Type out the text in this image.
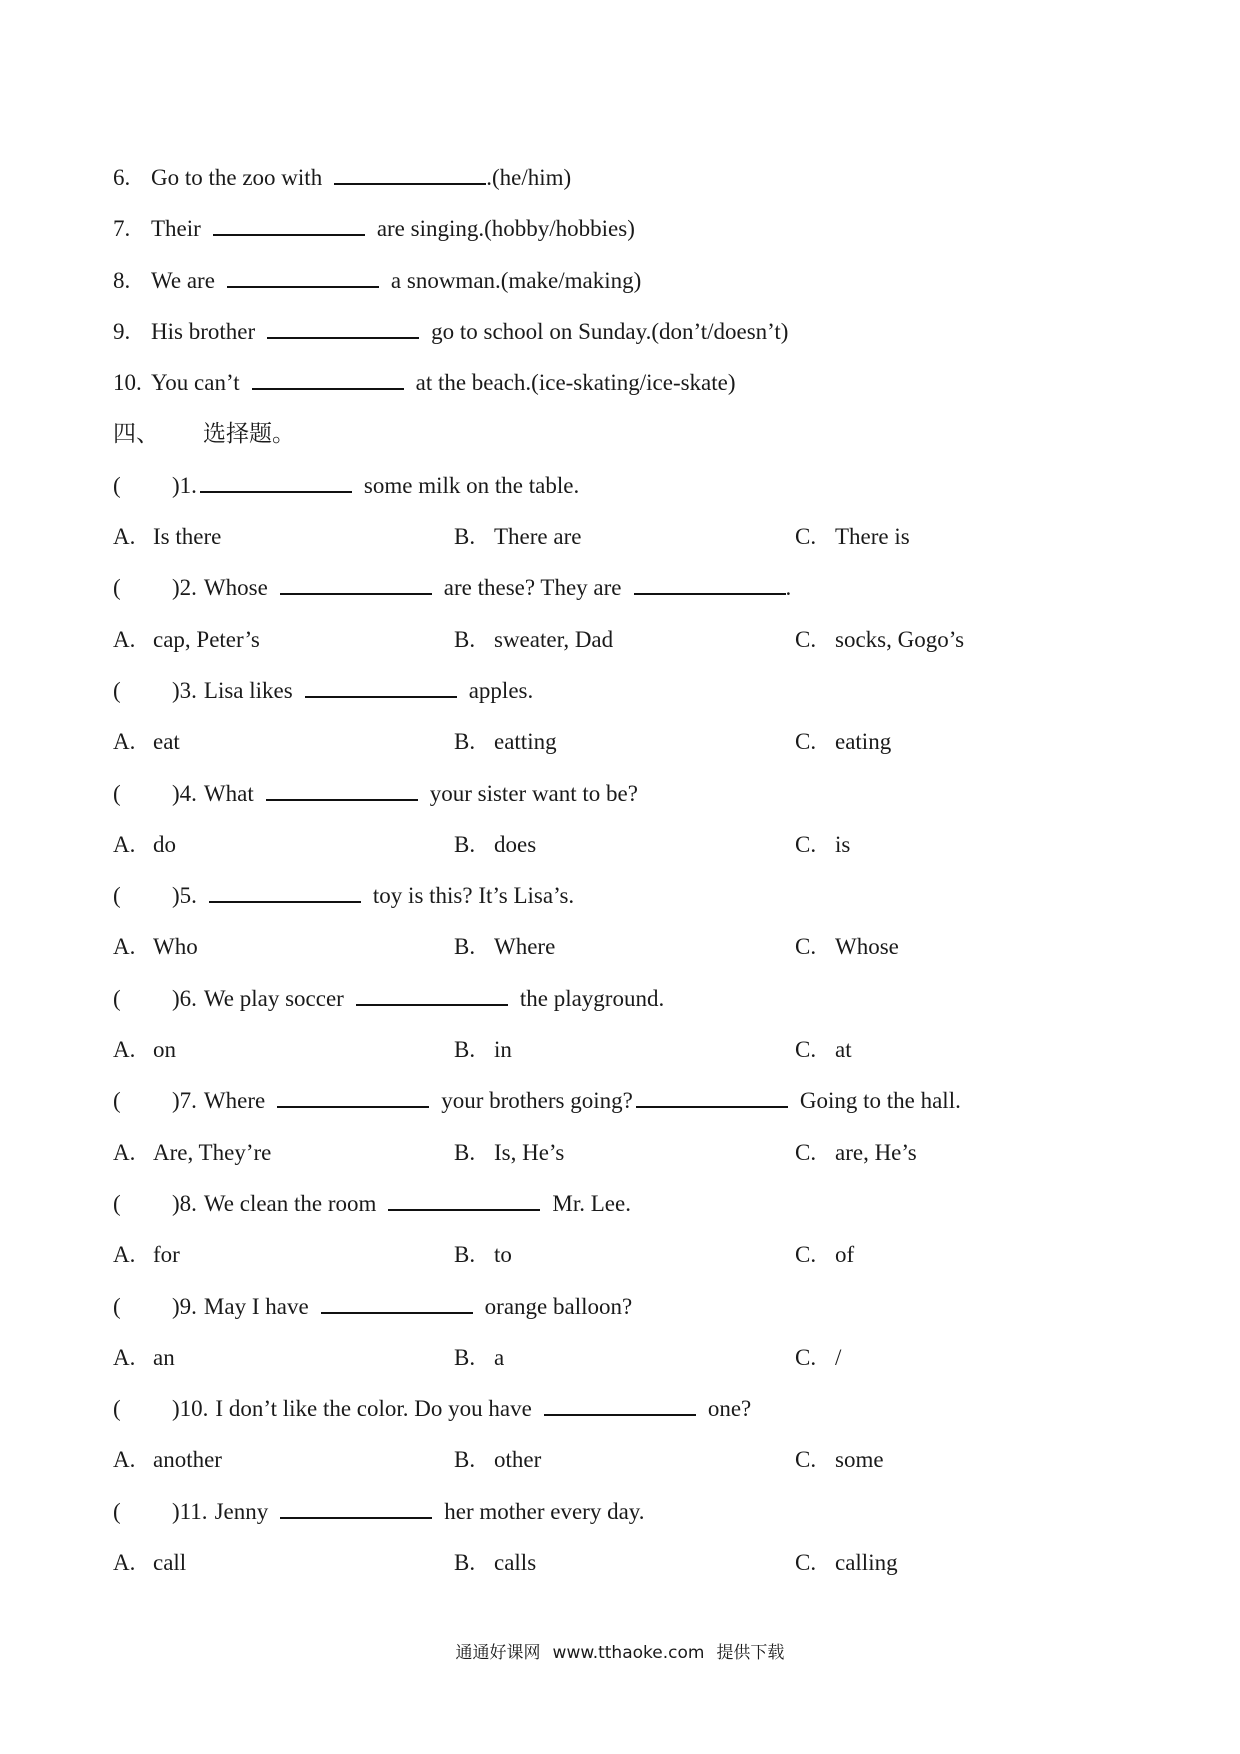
6. Go to the zoo with	.(he/him)
7. Their	are singing.(hobby/hobbies)
8. We are	a snowman.(make/making)
9. His brother	go to school on Sunday.(don’t/doesn’t)
10. You can’t	at the beach.(ice-skating/ice-skate)
四、 选择题。
( )1.	some milk on the table.
A. Is there	B. There are	C. There is
( )2. Whose	are these? They are	.
A. cap, Peter’s	B. sweater, Dad	C. socks, Gogo’s
( )3. Lisa likes	apples.
A. eat	B. eatting	C. eating
( )4. What	your sister want to be?
A. do	B. does	C. is
( )5.	toy is this? It’s Lisa’s.
A. Who	B. Where	C. Whose
( )6. We play soccer	the playground.
A. on	B. in	C. at
( )7. Where	your brothers going?	Going to the hall.
A. Are, They’re	B. Is, He’s	C. are, He’s
( )8. We clean the room	Mr. Lee.
A. for	B. to	C. of
( )9. May I have	orange balloon?
A. an	B. a	C. /
( )10. I don’t like the color. Do you have	one?
A. another	B. other	C. some
( )11. Jenny	her mother every day.
A. call	B. calls	C. calling
通通好课网 www.tthaoke.com 提供下载
